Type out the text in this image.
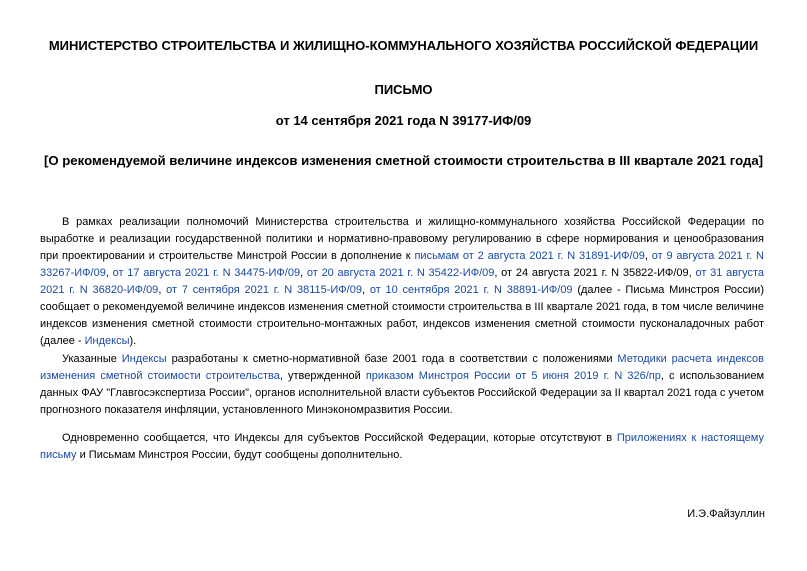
МИНИСТЕРСТВО СТРОИТЕЛЬСТВА И ЖИЛИЩНО-КОММУНАЛЬНОГО ХОЗЯЙСТВА РОССИЙСКОЙ ФЕДЕРАЦИИ
ПИСЬМО
от 14 сентября 2021 года N 39177-ИФ/09
[О рекомендуемой величине индексов изменения сметной стоимости строительства в III квартале 2021 года]
В рамках реализации полномочий Министерства строительства и жилищно-коммунального хозяйства Российской Федерации по выработке и реализации государственной политики и нормативно-правовому регулированию в сфере нормирования и ценообразования при проектировании и строительстве Минстрой России в дополнение к письмам от 2 августа 2021 г. N 31891-ИФ/09, от 9 августа 2021 г. N 33267-ИФ/09, от 17 августа 2021 г. N 34475-ИФ/09, от 20 августа 2021 г. N 35422-ИФ/09, от 24 августа 2021 г. N 35822-ИФ/09, от 31 августа 2021 г. N 36820-ИФ/09, от 7 сентября 2021 г. N 38115-ИФ/09, от 10 сентября 2021 г. N 38891-ИФ/09 (далее - Письма Минстроя России) сообщает о рекомендуемой величине индексов изменения сметной стоимости строительства в III квартале 2021 года, в том числе величине индексов изменения сметной стоимости строительно-монтажных работ, индексов изменения сметной стоимости пусконаладочных работ (далее - Индексы).
Указанные Индексы разработаны к сметно-нормативной базе 2001 года в соответствии с положениями Методики расчета индексов изменения сметной стоимости строительства, утвержденной приказом Минстроя России от 5 июня 2019 г. N 326/пр, с использованием данных ФАУ "Главгосэкспертиза России", органов исполнительной власти субъектов Российской Федерации за II квартал 2021 года с учетом прогнозного показателя инфляции, установленного Минэкономразвития России.
Одновременно сообщается, что Индексы для субъектов Российской Федерации, которые отсутствуют в Приложениях к настоящему письму и Письмам Минстроя России, будут сообщены дополнительно.
И.Э.Файзуллин
